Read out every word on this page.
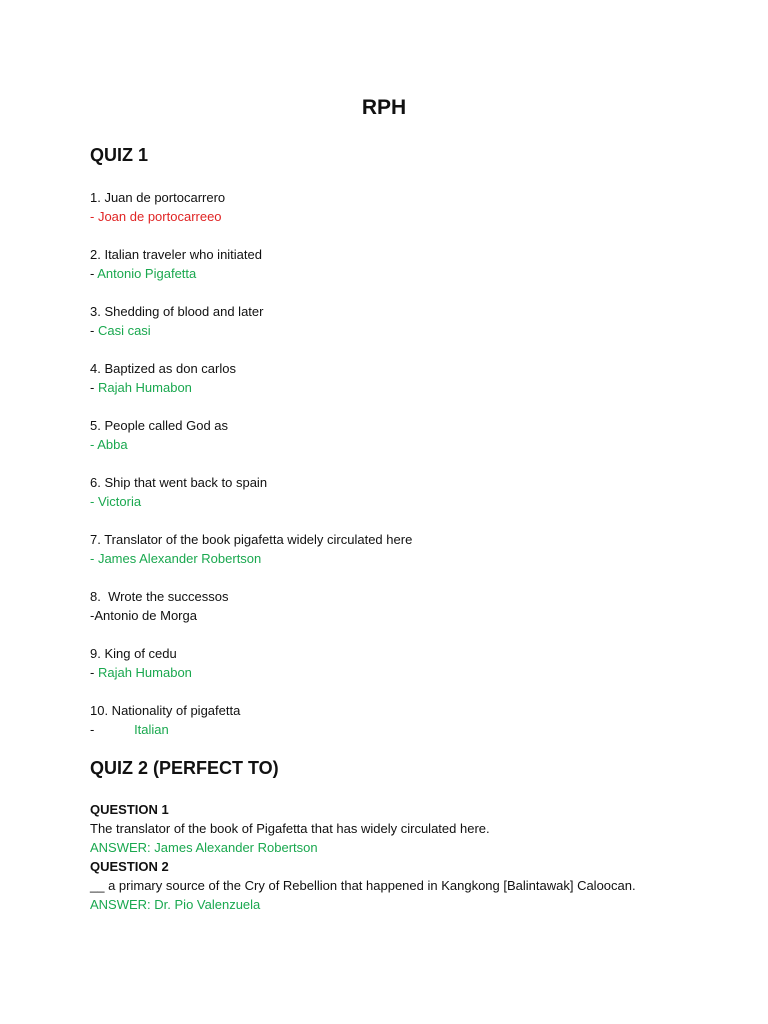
RPH
QUIZ 1
1. Juan de portocarrero
- Joan de portocarreeo
2. Italian traveler who initiated
- Antonio Pigafetta
3. Shedding of blood and later
- Casi casi
4. Baptized as don carlos
- Rajah Humabon
5. People called God as
- Abba
6. Ship that went back to spain
- Victoria
7. Translator of the book pigafetta widely circulated here
- James Alexander Robertson
8.  Wrote the successos
-Antonio de Morga
9. King of cedu
- Rajah Humabon
10. Nationality of pigafetta
-           Italian
QUIZ 2 (PERFECT TO)
QUESTION 1
The translator of the book of Pigafetta that has widely circulated here.
ANSWER: James Alexander Robertson
QUESTION 2
__ a primary source of the Cry of Rebellion that happened in Kangkong [Balintawak] Caloocan.
ANSWER: Dr. Pio Valenzuela
